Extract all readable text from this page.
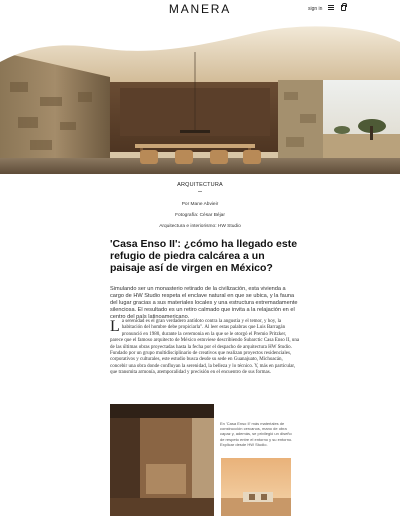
MANERA	sign in
ARQUITECTURA
Por Mane Abvieir
Fotografía: César Béjar
Arquitectura e interiorismo: HW Studio
'Casa Enso II': ¿cómo ha llegado este refugio de piedra calcárea a un paisaje así de virgen en México?

Simulando ser un monasterio retirado de la civilización, esta vivienda a cargo de HW Studio respeta el enclave natural en que se ubica, y la fauna del lugar gracias a sus materiales locales y una estructura extremadamente silenciosa. El resultado es un retiro calmado que invita a la relajación en el centro del país latinoamericano.

L a serenidad es el gran verdadero antídoto contra la angustia y el temor, y hoy, la habitación del hombre debe propiciarla". Al leer estas palabras que Luis Barragán pronunció en 1980, durante la ceremonia en la que se le otorgó el Premio Pritzker, parece que el famoso arquitecto de México estuviese describiendo Subarctic Casa Enso II, una de las últimas obras proyectadas hasta la fecha por el despacho de arquitectura HW Studio. Fundado por un grupo multidisciplinario de creativos que realizan proyectos residenciales, corporativos y culturales, este estudio busca desde su sede en Guanajuato, Michoacán, concebir una obra donde confluyan la serenidad, la belleza y lo técnico. Y, más en particular, que transmita armonía, atemporalidad y precisión en el encuentro de sus formas.

En 'Casa Enso II' más materiales de construcción cercanos, mano de obra capaz y, además, se privilegió un diseño de respeto entre el entorno y su entorno. Explicar desde HW Studio.
